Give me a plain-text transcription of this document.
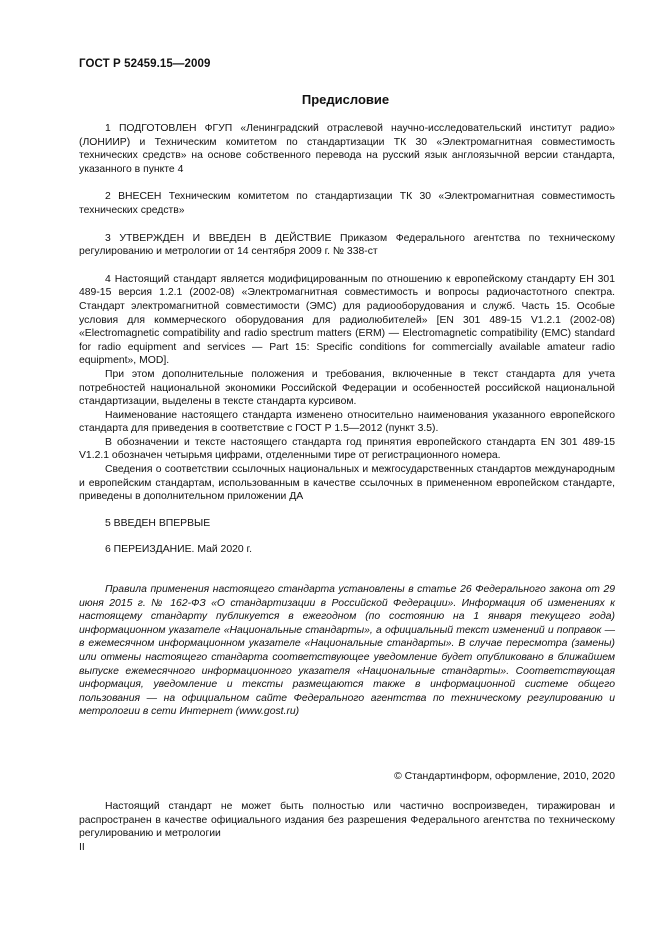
ГОСТ Р 52459.15—2009
Предисловие

1 ПОДГОТОВЛЕН ФГУП «Ленинградский отраслевой научно-исследовательский институт радио» (ЛОНИИР) и Техническим комитетом по стандартизации ТК 30 «Электромагнитная совместимость технических средств» на основе собственного перевода на русский язык англоязычной версии стандарта, указанного в пункте 4

2 ВНЕСЕН Техническим комитетом по стандартизации ТК 30 «Электромагнитная совместимость технических средств»

3 УТВЕРЖДЕН И ВВЕДЕН В ДЕЙСТВИЕ Приказом Федерального агентства по техническому регулированию и метрологии от 14 сентября 2009 г. № 338-ст

4 Настоящий стандарт является модифицированным по отношению к европейскому стандарту ЕН 301 489-15 версия 1.2.1 (2002-08) «Электромагнитная совместимость и вопросы радиочастотного спектра. Стандарт электромагнитной совместимости (ЭМС) для радиооборудования и служб. Часть 15. Особые условия для коммерческого оборудования для радиолюбителей» [EN 301 489-15 V1.2.1 (2002-08) «Electromagnetic compatibility and radio spectrum matters (ERM) — Electromagnetic compatibility (EMC) standard for radio equipment and services — Part 15: Specific conditions for commercially available amateur radio equipment», MOD].

При этом дополнительные положения и требования, включенные в текст стандарта для учета потребностей национальной экономики Российской Федерации и особенностей российской национальной стандартизации, выделены в тексте стандарта курсивом.

Наименование настоящего стандарта изменено относительно наименования указанного европейского стандарта для приведения в соответствие с ГОСТ Р 1.5—2012 (пункт 3.5).

В обозначении и тексте настоящего стандарта год принятия европейского стандарта EN 301 489-15 V1.2.1 обозначен четырьмя цифрами, отделенными тире от регистрационного номера.

Сведения о соответствии ссылочных национальных и межгосударственных стандартов международным и европейским стандартам, использованным в качестве ссылочных в примененном европейском стандарте, приведены в дополнительном приложении ДА

5 ВВЕДЕН ВПЕРВЫЕ

6 ПЕРЕИЗДАНИЕ. Май 2020 г.

Правила применения настоящего стандарта установлены в статье 26 Федерального закона от 29 июня 2015 г. № 162-ФЗ «О стандартизации в Российской Федерации». Информация об изменениях к настоящему стандарту публикуется в ежегодном (по состоянию на 1 января текущего года) информационном указателе «Национальные стандарты», а официальный текст изменений и поправок — в ежемесячном информационном указателе «Национальные стандарты». В случае пересмотра (замены) или отмены настоящего стандарта соответствующее уведомление будет опубликовано в ближайшем выпуске ежемесячного информационного указателя «Национальные стандарты». Соответствующая информация, уведомление и тексты размещаются также в информационной системе общего пользования — на официальном сайте Федерального агентства по техническому регулированию и метрологии в сети Интернет (www.gost.ru)

© Стандартинформ, оформление, 2010, 2020

Настоящий стандарт не может быть полностью или частично воспроизведен, тиражирован и распространен в качестве официального издания без разрешения Федерального агентства по техническому регулированию и метрологии

II
